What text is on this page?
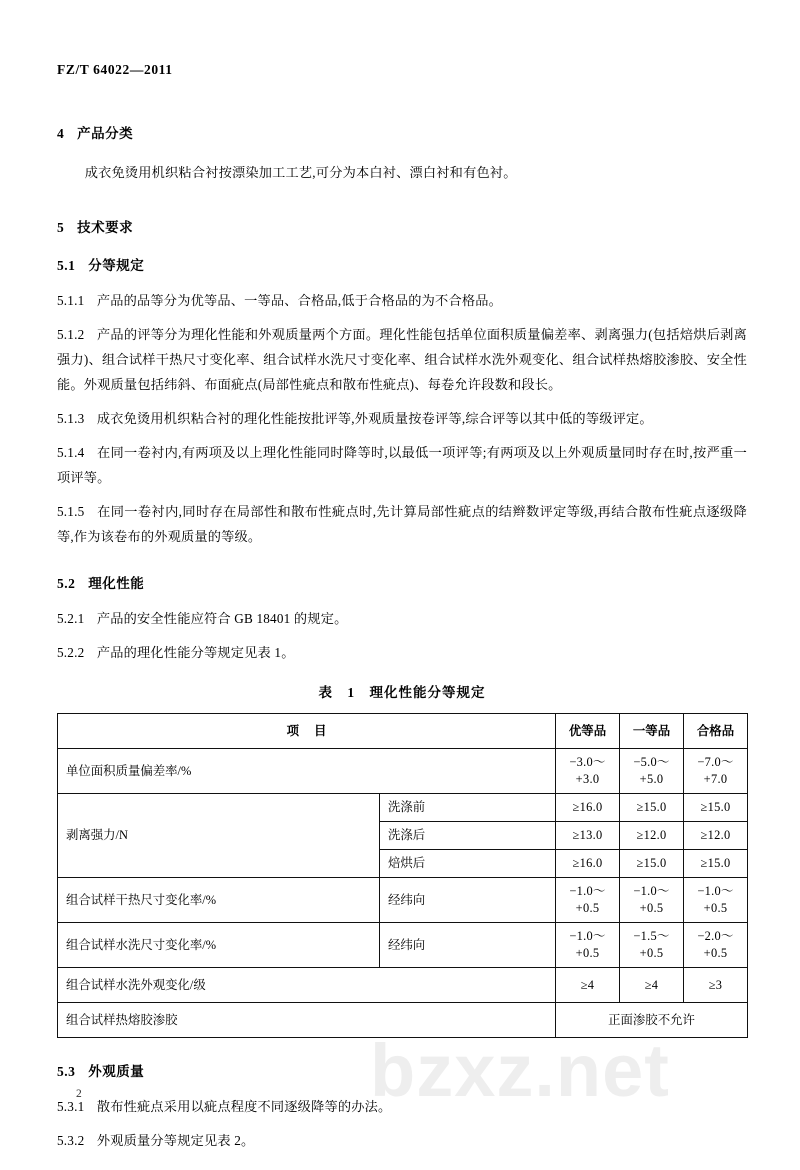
bzxz.net
FZ/T 64022—2011
4 产品分类

成衣免烫用机织粘合衬按漂染加工工艺,可分为本白衬、漂白衬和有色衬。

5 技术要求
5.1 分等规定

5.1.1 产品的品等分为优等品、一等品、合格品,低于合格品的为不合格品。

5.1.2 产品的评等分为理化性能和外观质量两个方面。理化性能包括单位面积质量偏差率、剥离强力(包括焙烘后剥离强力)、组合试样干热尺寸变化率、组合试样水洗尺寸变化率、组合试样水洗外观变化、组合试样热熔胶渗胶、安全性能。外观质量包括纬斜、布面疵点(局部性疵点和散布性疵点)、每卷允许段数和段长。

5.1.3 成衣免烫用机织粘合衬的理化性能按批评等,外观质量按卷评等,综合评等以其中低的等级评定。

5.1.4 在同一卷衬内,有两项及以上理化性能同时降等时,以最低一项评等;有两项及以上外观质量同时存在时,按严重一项评等。

5.1.5 在同一卷衬内,同时存在局部性和散布性疵点时,先计算局部性疵点的结辫数评定等级,再结合散布性疵点逐级降等,作为该卷布的外观质量的等级。

5.2 理化性能

5.2.1 产品的安全性能应符合 GB 18401 的规定。

5.2.2 产品的理化性能分等规定见表 1。

表 1 理化性能分等规定
项 目		优等品	一等品	合格品
单位面积质量偏差率/%		−3.0～+3.0	−5.0～+5.0	−7.0～+7.0
剥离强力/N	洗涤前	≥16.0	≥15.0	≥15.0
	洗涤后	≥13.0	≥12.0	≥12.0
	焙烘后	≥16.0	≥15.0	≥15.0
组合试样干热尺寸变化率/%	经纬向	−1.0～+0.5	−1.0～+0.5	−1.0～+0.5
组合试样水洗尺寸变化率/%	经纬向	−1.0～+0.5	−1.5～+0.5	−2.0～+0.5
组合试样水洗外观变化/级		≥4	≥4	≥3
组合试样热熔胶渗胶		正面渗胶不允许		
5.3 外观质量

5.3.1 散布性疵点采用以疵点程度不同逐级降等的办法。

5.3.2 外观质量分等规定见表 2。

2
